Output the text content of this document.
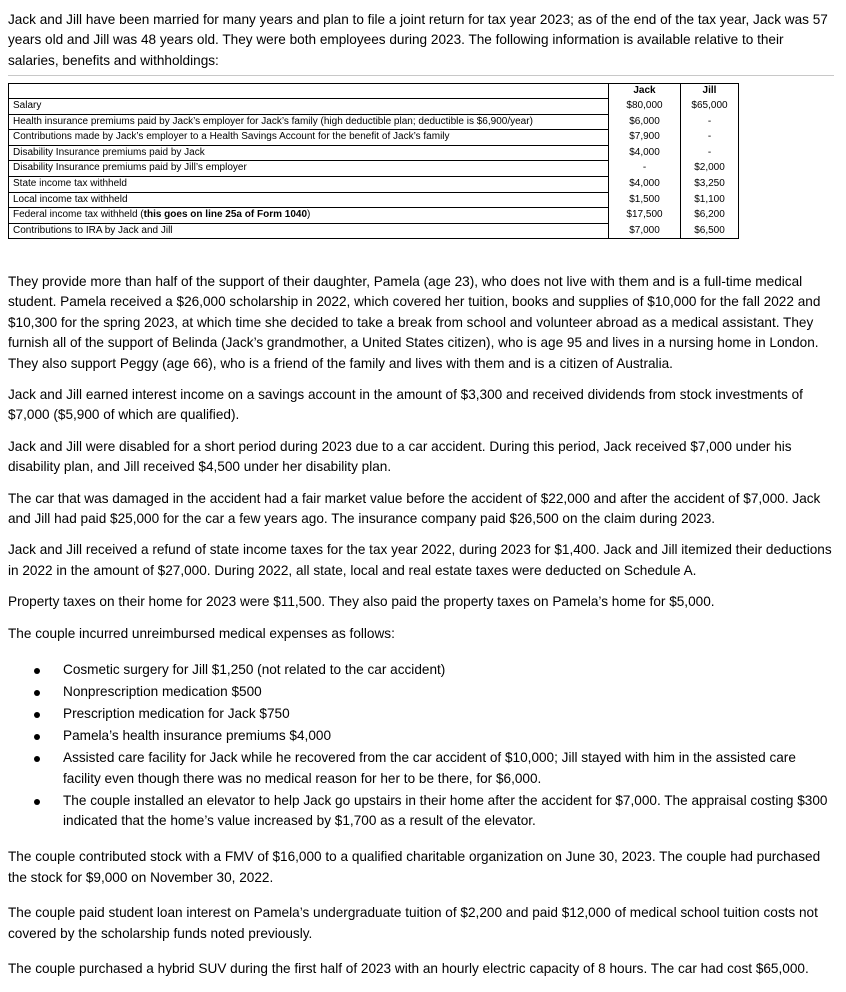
Jack and Jill have been married for many years and plan to file a joint return for tax year 2023; as of the end of the tax year, Jack was 57 years old and Jill was 48 years old. They were both employees during 2023. The following information is available relative to their salaries, benefits and withholdings:

	Jack	Jill
Salary	$80,000	$65,000
Health insurance premiums paid by Jack’s employer for Jack’s family (high deductible plan; deductible is $6,900/year)	$6,000	-
Contributions made by Jack’s employer to a Health Savings Account for the benefit of Jack’s family	$7,900	-
Disability Insurance premiums paid by Jack	$4,000	-
Disability Insurance premiums paid by Jill’s employer	-	$2,000
State income tax withheld	$4,000	$3,250
Local income tax withheld	$1,500	$1,100
Federal income tax withheld (this goes on line 25a of Form 1040)	$17,500	$6,200
Contributions to IRA by Jack and Jill	$7,000	$6,500

They provide more than half of the support of their daughter, Pamela (age 23), who does not live with them and is a full-time medical student. Pamela received a $26,000 scholarship in 2022, which covered her tuition, books and supplies of $10,000 for the fall 2022 and $10,300 for the spring 2023, at which time she decided to take a break from school and volunteer abroad as a medical assistant. They furnish all of the support of Belinda (Jack’s grandmother, a United States citizen), who is age 95 and lives in a nursing home in London. They also support Peggy (age 66), who is a friend of the family and lives with them and is a citizen of Australia.

Jack and Jill earned interest income on a savings account in the amount of $3,300 and received dividends from stock investments of $7,000 ($5,900 of which are qualified).

Jack and Jill were disabled for a short period during 2023 due to a car accident. During this period, Jack received $7,000 under his disability plan, and Jill received $4,500 under her disability plan.

The car that was damaged in the accident had a fair market value before the accident of $22,000 and after the accident of $7,000. Jack and Jill had paid $25,000 for the car a few years ago. The insurance company paid $26,500 on the claim during 2023.

Jack and Jill received a refund of state income taxes for the tax year 2022, during 2023 for $1,400. Jack and Jill itemized their deductions in 2022 in the amount of $27,000. During 2022, all state, local and real estate taxes were deducted on Schedule A.

Property taxes on their home for 2023 were $11,500. They also paid the property taxes on Pamela’s home for $5,000.

The couple incurred unreimbursed medical expenses as follows:

Cosmetic surgery for Jill $1,250 (not related to the car accident)
Nonprescription medication $500
Prescription medication for Jack $750
Pamela’s health insurance premiums $4,000
Assisted care facility for Jack while he recovered from the car accident of $10,000; Jill stayed with him in the assisted care facility even though there was no medical reason for her to be there, for $6,000.
The couple installed an elevator to help Jack go upstairs in their home after the accident for $7,000. The appraisal costing $300 indicated that the home’s value increased by $1,700 as a result of the elevator.

The couple contributed stock with a FMV of $16,000 to a qualified charitable organization on June 30, 2023. The couple had purchased the stock for $9,000 on November 30, 2022.

The couple paid student loan interest on Pamela’s undergraduate tuition of $2,200 and paid $12,000 of medical school tuition costs not covered by the scholarship funds noted previously.

The couple purchased a hybrid SUV during the first half of 2023 with an hourly electric capacity of 8 hours. The car had cost $65,000.
